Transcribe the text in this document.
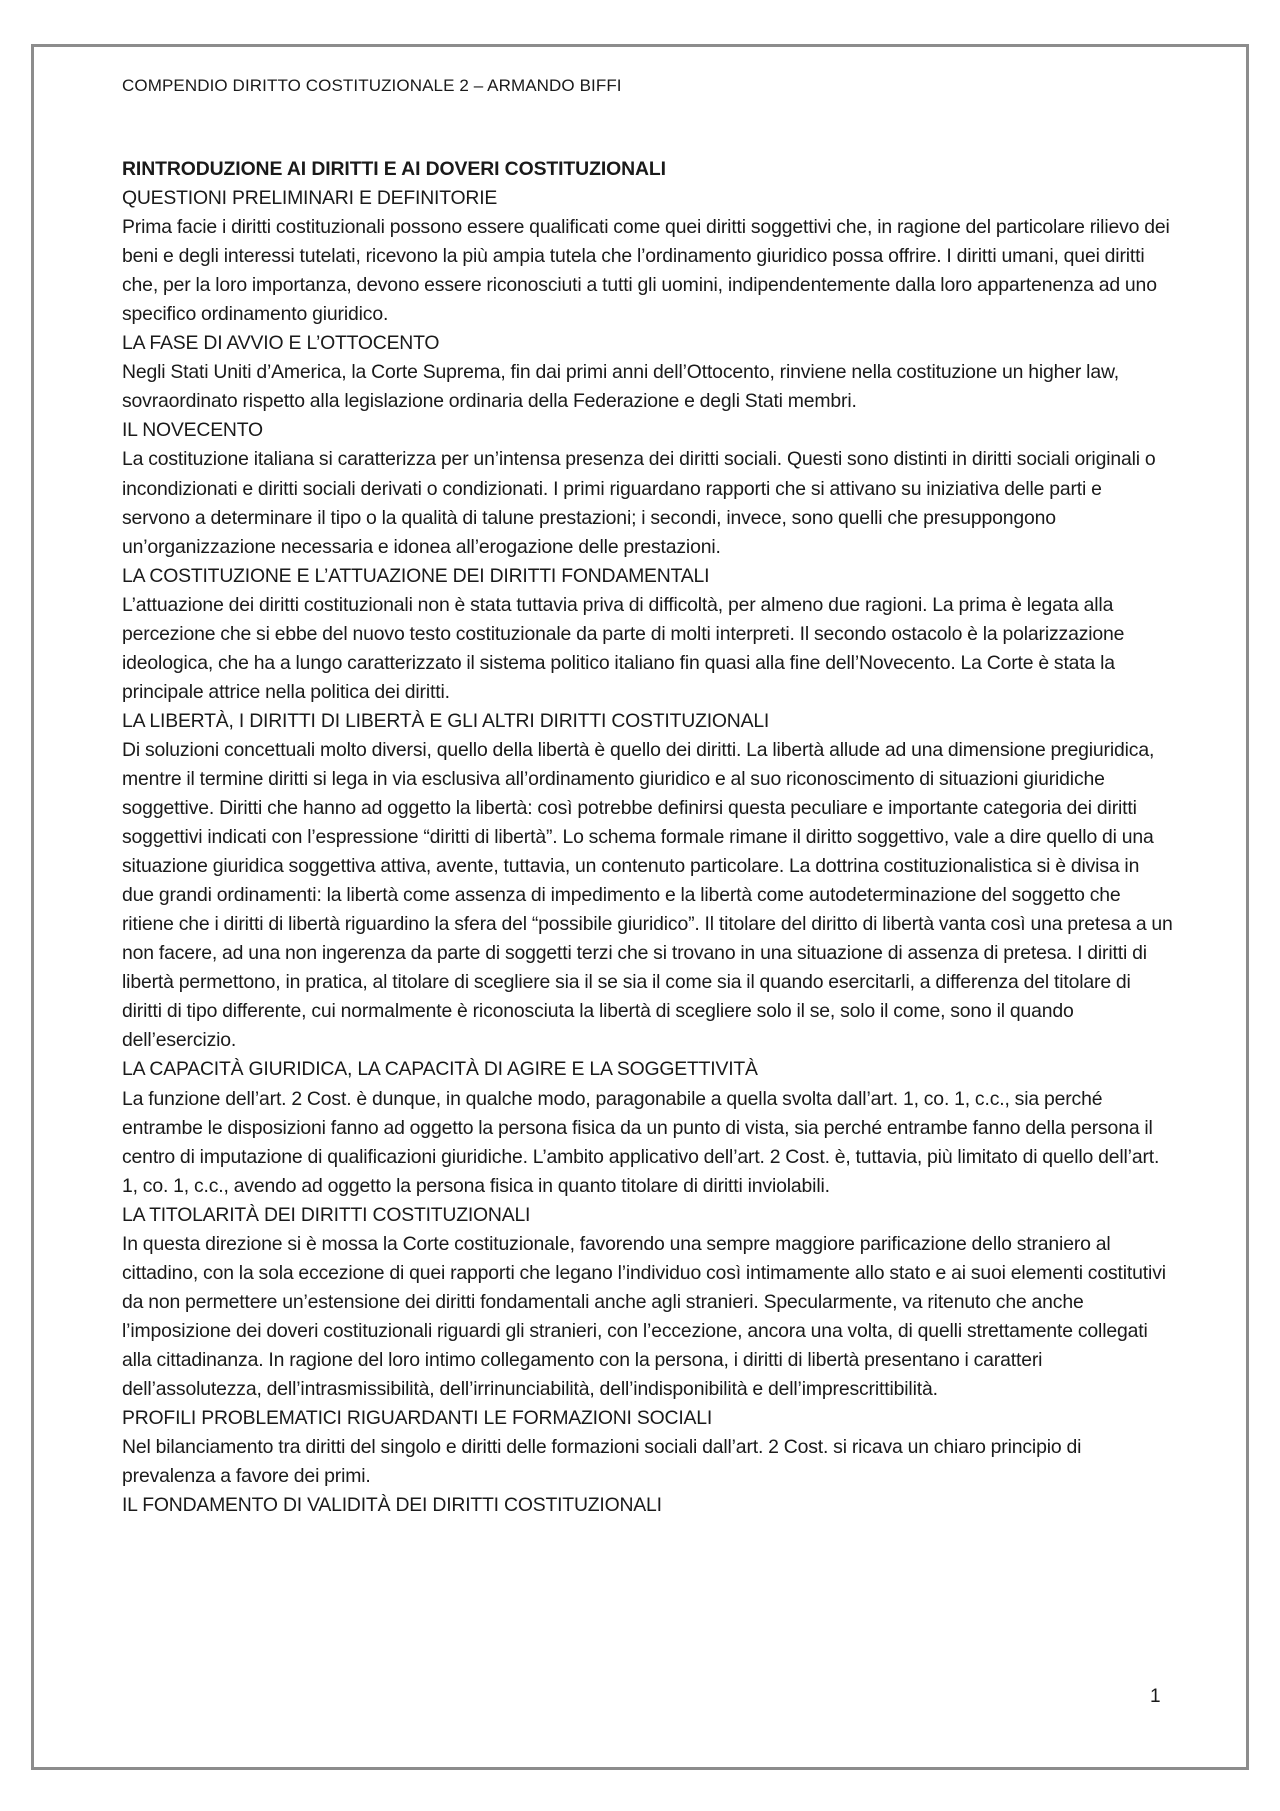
COMPENDIO DIRITTO COSTITUZIONALE 2 – ARMANDO BIFFI
RINTRODUZIONE AI DIRITTI E AI DOVERI COSTITUZIONALI
QUESTIONI PRELIMINARI E DEFINITORIE

Prima facie i diritti costituzionali possono essere qualificati come quei diritti soggettivi che, in ragione del particolare rilievo dei beni e degli interessi tutelati, ricevono la più ampia tutela che l’ordinamento giuridico possa offrire. I diritti umani, quei diritti che, per la loro importanza, devono essere riconosciuti a tutti gli uomini, indipendentemente dalla loro appartenenza ad uno specifico ordinamento giuridico.

LA FASE DI AVVIO E L’OTTOCENTO

Negli Stati Uniti d’America, la Corte Suprema, fin dai primi anni dell’Ottocento, rinviene nella costituzione un higher law, sovraordinato rispetto alla legislazione ordinaria della Federazione e degli Stati membri.

IL NOVECENTO

La costituzione italiana si caratterizza per un’intensa presenza dei diritti sociali. Questi sono distinti in diritti sociali originali o incondizionati e diritti sociali derivati o condizionati. I primi riguardano rapporti che si attivano su iniziativa delle parti e servono a determinare il tipo o la qualità di talune prestazioni; i secondi, invece, sono quelli che presuppongono un’organizzazione necessaria e idonea all’erogazione delle prestazioni.

LA COSTITUZIONE E L’ATTUAZIONE DEI DIRITTI FONDAMENTALI

L’attuazione dei diritti costituzionali non è stata tuttavia priva di difficoltà, per almeno due ragioni. La prima è legata alla percezione che si ebbe del nuovo testo costituzionale da parte di molti interpreti. Il secondo ostacolo è la polarizzazione ideologica, che ha a lungo caratterizzato il sistema politico italiano fin quasi alla fine dell’Novecento. La Corte è stata la principale attrice nella politica dei diritti.

LA LIBERTÀ, I DIRITTI DI LIBERTÀ E GLI ALTRI DIRITTI COSTITUZIONALI

Di soluzioni concettuali molto diversi, quello della libertà è quello dei diritti. La libertà allude ad una dimensione pregiuridica, mentre il termine diritti si lega in via esclusiva all’ordinamento giuridico e al suo riconoscimento di situazioni giuridiche soggettive. Diritti che hanno ad oggetto la libertà: così potrebbe definirsi questa peculiare e importante categoria dei diritti soggettivi indicati con l’espressione “diritti di libertà”. Lo schema formale rimane il diritto soggettivo, vale a dire quello di una situazione giuridica soggettiva attiva, avente, tuttavia, un contenuto particolare. La dottrina costituzionalistica si è divisa in due grandi ordinamenti: la libertà come assenza di impedimento e la libertà come autodeterminazione del soggetto che ritiene che i diritti di libertà riguardino la sfera del “possibile giuridico”. Il titolare del diritto di libertà vanta così una pretesa a un non facere, ad una non ingerenza da parte di soggetti terzi che si trovano in una situazione di assenza di pretesa. I diritti di libertà permettono, in pratica, al titolare di scegliere sia il se sia il come sia il quando esercitarli, a differenza del titolare di diritti di tipo differente, cui normalmente è riconosciuta la libertà di scegliere solo il se, solo il come, sono il quando dell’esercizio.

LA CAPACITÀ GIURIDICA, LA CAPACITÀ DI AGIRE E LA SOGGETTIVITÀ

La funzione dell’art. 2 Cost. è dunque, in qualche modo, paragonabile a quella svolta dall’art. 1, co. 1, c.c., sia perché entrambe le disposizioni fanno ad oggetto la persona fisica da un punto di vista, sia perché entrambe fanno della persona il centro di imputazione di qualificazioni giuridiche. L’ambito applicativo dell’art. 2 Cost. è, tuttavia, più limitato di quello dell’art. 1, co. 1, c.c., avendo ad oggetto la persona fisica in quanto titolare di diritti inviolabili.

LA TITOLARITÀ DEI DIRITTI COSTITUZIONALI

In questa direzione si è mossa la Corte costituzionale, favorendo una sempre maggiore parificazione dello straniero al cittadino, con la sola eccezione di quei rapporti che legano l’individuo così intimamente allo stato e ai suoi elementi costitutivi da non permettere un’estensione dei diritti fondamentali anche agli stranieri. Specularmente, va ritenuto che anche l’imposizione dei doveri costituzionali riguardi gli stranieri, con l’eccezione, ancora una volta, di quelli strettamente collegati alla cittadinanza. In ragione del loro intimo collegamento con la persona, i diritti di libertà presentano i caratteri dell’assolutezza, dell’intrasmissibilità, dell’irrinunciabilità, dell’indisponibilità e dell’imprescrittibilità.

PROFILI PROBLEMATICI RIGUARDANTI LE FORMAZIONI SOCIALI

Nel bilanciamento tra diritti del singolo e diritti delle formazioni sociali dall’art. 2 Cost. si ricava un chiaro principio di prevalenza a favore dei primi.

IL FONDAMENTO DI VALIDITÀ DEI DIRITTI COSTITUZIONALI
1
